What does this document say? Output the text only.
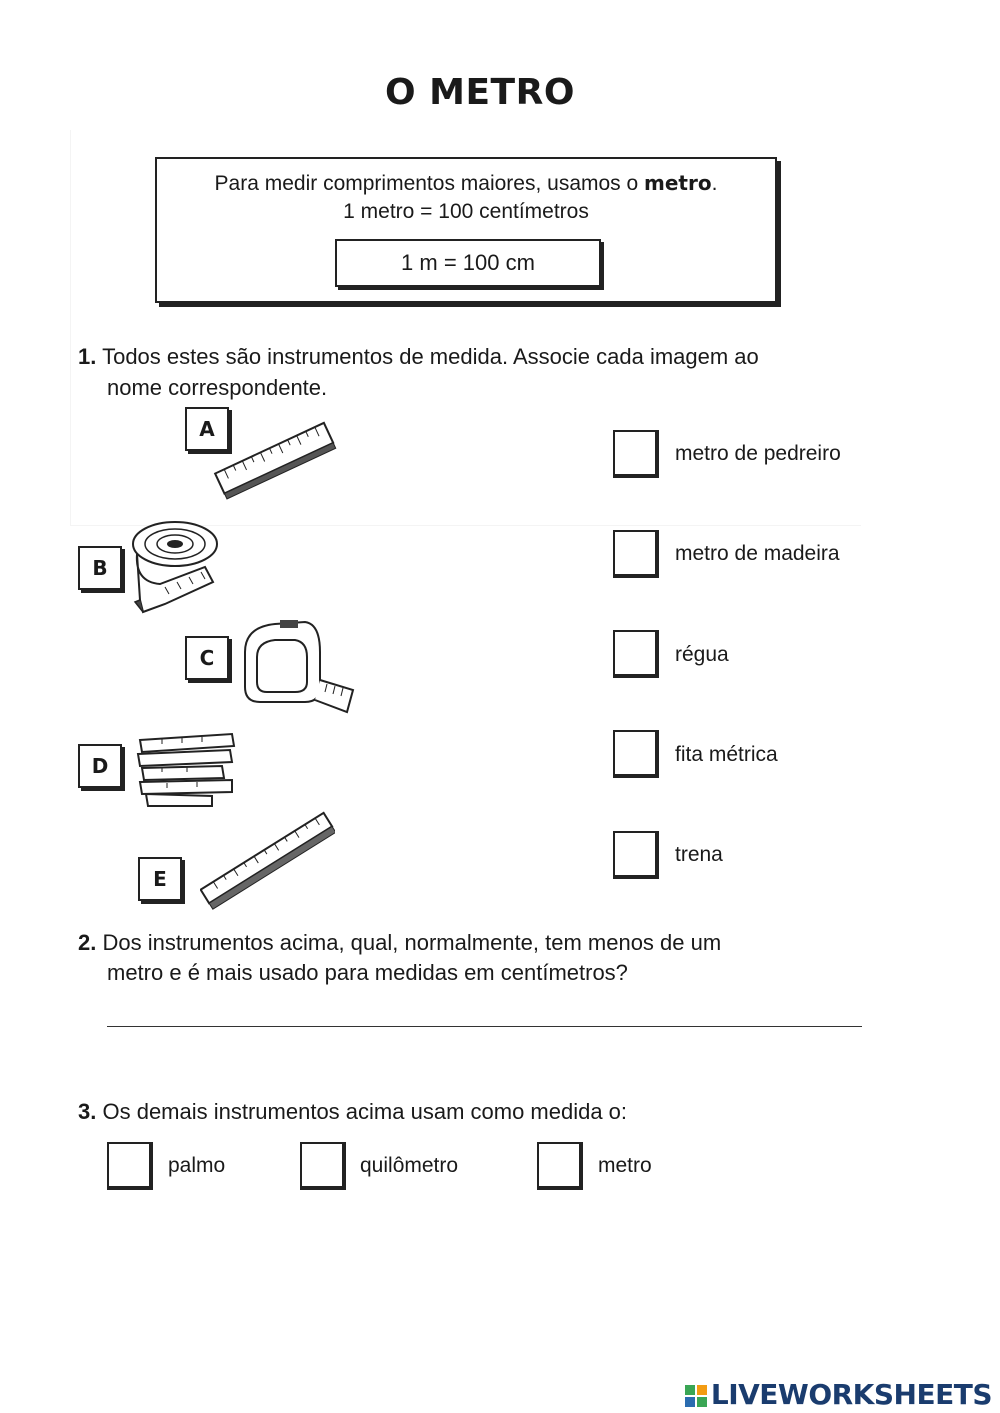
O METRO
Para medir comprimentos maiores, usamos o metro.
1 metro = 100 centímetros
1 m = 100 cm
1. Todos estes são instrumentos de medida. Associe cada imagem ao
nome correspondente.
A
B
C
D
E
metro de pedreiro
metro de madeira
régua
fita métrica
trena
2. Dos instrumentos acima, qual, normalmente, tem menos de um
metro e é mais usado para medidas em centímetros?
3. Os demais instrumentos acima usam como medida o:
palmo	quilômetro	metro
LIVEWORKSHEETS
